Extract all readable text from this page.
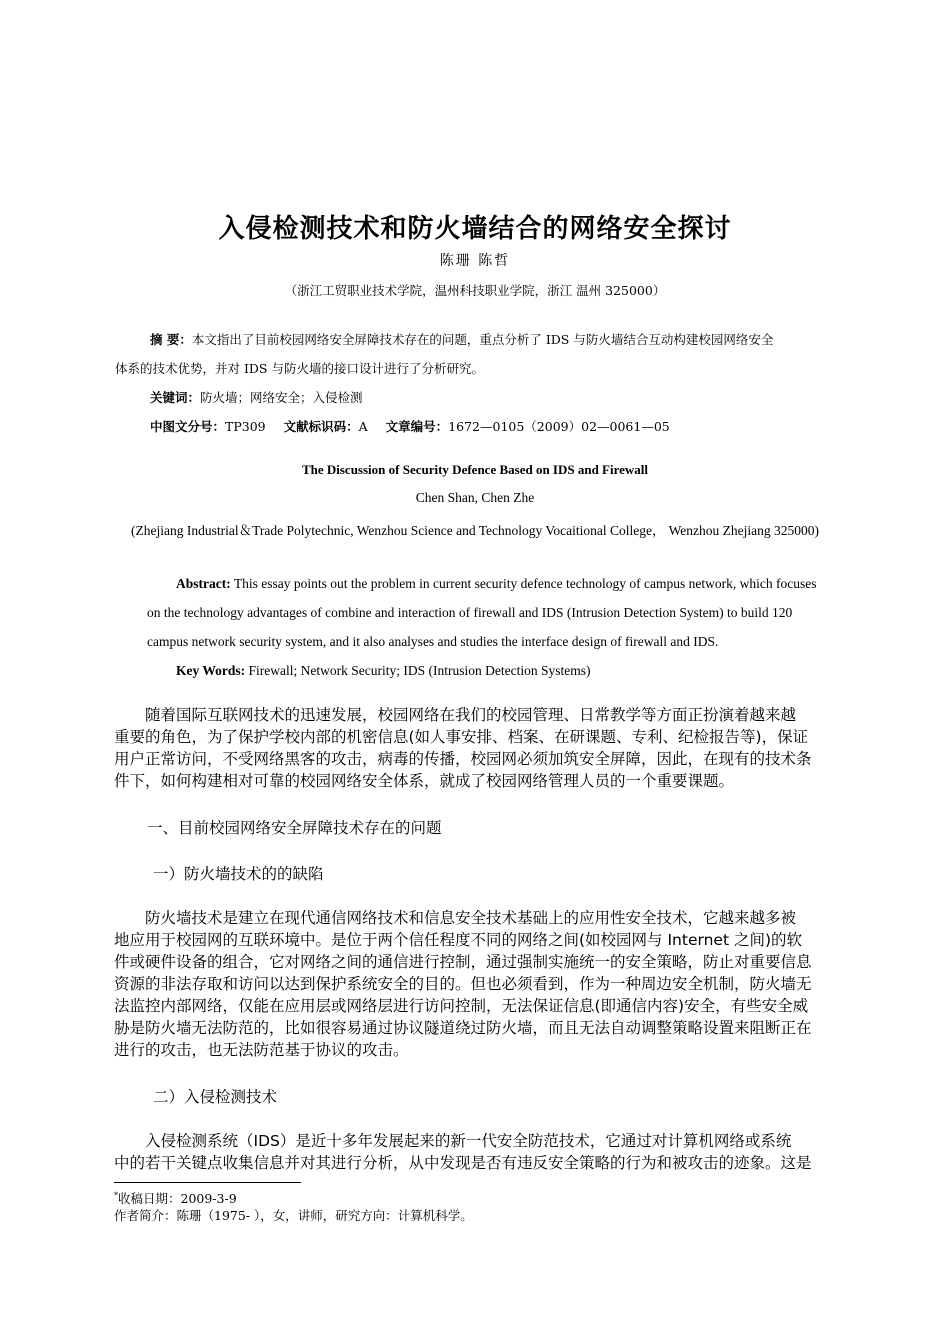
入侵检测技术和防火墙结合的网络安全探讨
陈珊 陈哲
（浙江工贸职业技术学院，温州科技职业学院，浙江 温州 325000）
摘 要：本文指出了目前校园网络安全屏障技术存在的问题，重点分析了 IDS 与防火墙结合互动构建校园网络安全
体系的技术优势，并对 IDS 与防火墙的接口设计进行了分析研究。
关键词：防火墙；网络安全；入侵检测
中图文分号：TP309 文献标识码：A 文章编号：1672—0105（2009）02—0061—05
The Discussion of Security Defence Based on IDS and Firewall
Chen Shan, Chen Zhe
(Zhejiang Industrial＆Trade Polytechnic, Wenzhou Science and Technology Vocaitional College， Wenzhou Zhejiang 325000)
Abstract: This essay points out the problem in current security defence technology of campus network, which focuses
on the technology advantages of combine and interaction of firewall and IDS (Intrusion Detection System) to build 120
campus network security system, and it also analyses and studies the interface design of firewall and IDS.
Key Words: Firewall; Network Security; IDS (Intrusion Detection Systems)
　　随着国际互联网技术的迅速发展，校园网络在我们的校园管理、日常教学等方面正扮演着越来越
重要的角色，为了保护学校内部的机密信息(如人事安排、档案、在研课题、专利、纪检报告等)，保证
用户正常访问，不受网络黑客的攻击，病毒的传播，校园网必须加筑安全屏障，因此，在现有的技术条
件下，如何构建相对可靠的校园网络安全体系，就成了校园网络管理人员的一个重要课题。
一、目前校园网络安全屏障技术存在的问题
一）防火墙技术的的缺陷
　　防火墙技术是建立在现代通信网络技术和信息安全技术基础上的应用性安全技术，它越来越多被
地应用于校园网的互联环境中。是位于两个信任程度不同的网络之间(如校园网与 Internet 之间)的软
件或硬件设备的组合，它对网络之间的通信进行控制，通过强制实施统一的安全策略，防止对重要信息
资源的非法存取和访问以达到保护系统安全的目的。但也必须看到，作为一种周边安全机制，防火墙无
法监控内部网络，仅能在应用层或网络层进行访问控制，无法保证信息(即通信内容)安全，有些安全威
胁是防火墙无法防范的，比如很容易通过协议隧道绕过防火墙，而且无法自动调整策略设置来阻断正在
进行的攻击，也无法防范基于协议的攻击。
二）入侵检测技术
　　入侵检测系统（IDS）是近十多年发展起来的新一代安全防范技术，它通过对计算机网络或系统
中的若干关键点收集信息并对其进行分析，从中发现是否有违反安全策略的行为和被攻击的迹象。这是
*收稿日期：2009-3-9
作者简介：陈珊（1975- ），女，讲师，研究方向：计算机科学。
